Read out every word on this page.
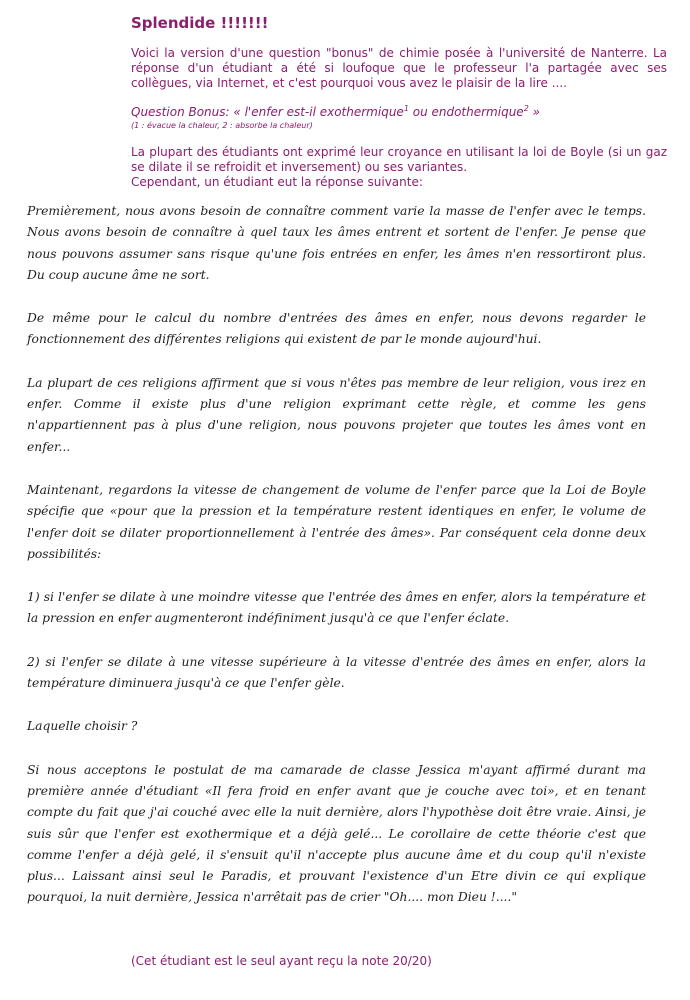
Splendide !!!!!!!

Voici la version d'une question "bonus" de chimie posée à l'université de Nanterre. La réponse d'un étudiant a été si loufoque que le professeur l'a partagée avec ses collègues, via Internet, et c'est pourquoi vous avez le plaisir de la lire ....

Question Bonus: « l'enfer est-il exothermique$^1$ ou endothermique$^2$ »
(1 : évacue la chaleur, 2 : absorbe la chaleur)

La plupart des étudiants ont exprimé leur croyance en utilisant la loi de Boyle (si un gaz se dilate il se refroidit et inversement) ou ses variantes.

Cependant, un étudiant eut la réponse suivante:

Premièrement, nous avons besoin de connaître comment varie la masse de l'enfer avec le temps. Nous avons besoin de connaître à quel taux les âmes entrent et sortent de l'enfer. Je pense que nous pouvons assumer sans risque qu'une fois entrées en enfer, les âmes n'en ressortiront plus. Du coup aucune âme ne sort.

De même pour le calcul du nombre d'entrées des âmes en enfer, nous devons regarder le fonctionnement des différentes religions qui existent de par le monde aujourd'hui.

La plupart de ces religions affirment que si vous n'êtes pas membre de leur religion, vous irez en enfer. Comme il existe plus d'une religion exprimant cette règle, et comme les gens n'appartiennent pas à plus d'une religion, nous pouvons projeter que toutes les âmes vont en enfer...

Maintenant, regardons la vitesse de changement de volume de l'enfer parce que la Loi de Boyle spécifie que «pour que la pression et la température restent identiques en enfer, le volume de l'enfer doit se dilater proportionnellement à l'entrée des âmes». Par conséquent cela donne deux possibilités:

1) si l'enfer se dilate à une moindre vitesse que l'entrée des âmes en enfer, alors la température et la pression en enfer augmenteront indéfiniment jusqu'à ce que l'enfer éclate.

2) si l'enfer se dilate à une vitesse supérieure à la vitesse d'entrée des âmes en enfer, alors la température diminuera jusqu'à ce que l'enfer gèle.

Laquelle choisir ?

Si nous acceptons le postulat de ma camarade de classe Jessica m'ayant affirmé durant ma première année d'étudiant «Il fera froid en enfer avant que je couche avec toi», et en tenant compte du fait que j'ai couché avec elle la nuit dernière, alors l'hypothèse doit être vraie. Ainsi, je suis sûr que l'enfer est exothermique et a déjà gelé... Le corollaire de cette théorie c'est que comme l'enfer a déjà gelé, il s'ensuit qu'il n'accepte plus aucune âme et du coup qu'il n'existe plus... Laissant ainsi seul le Paradis, et prouvant l'existence d'un Etre divin ce qui explique pourquoi, la nuit dernière, Jessica n'arrêtait pas de crier "Oh.... mon Dieu !...."

(Cet étudiant est le seul ayant reçu la note 20/20)
